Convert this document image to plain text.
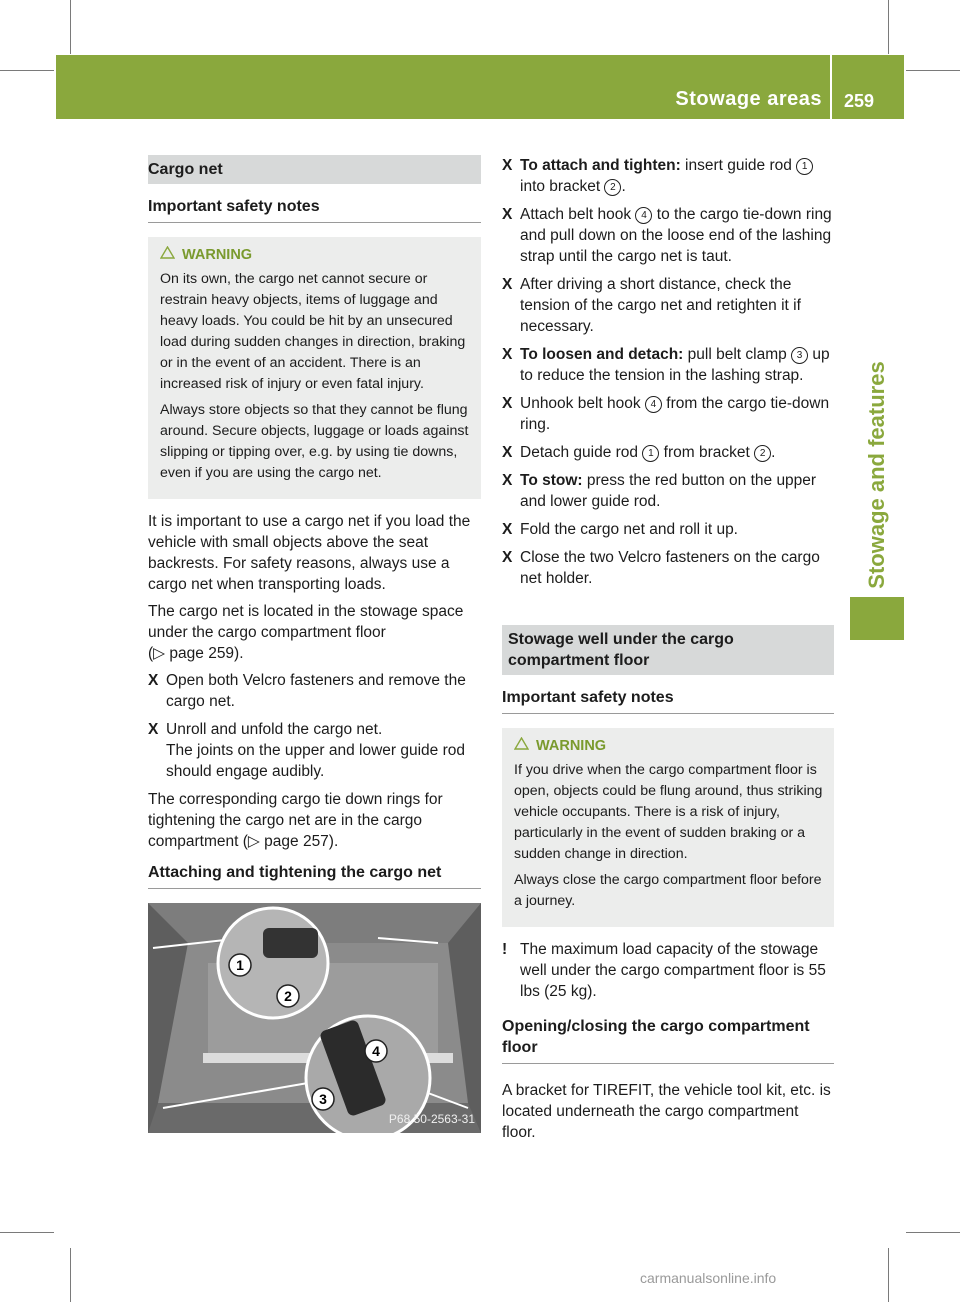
Stowage areas 259
Stowage and features
Cargo net
Important safety notes
WARNING

On its own, the cargo net cannot secure or restrain heavy objects, items of luggage and heavy loads. You could be hit by an unsecured load during sudden changes in direction, braking or in the event of an accident. There is an increased risk of injury or even fatal injury.

Always store objects so that they cannot be flung around. Secure objects, luggage or loads against slipping or tipping over, e.g. by using tie downs, even if you are using the cargo net.

It is important to use a cargo net if you load the vehicle with small objects above the seat backrests. For safety reasons, always use a cargo net when transporting loads.

The cargo net is located in the stowage space under the cargo compartment floor
(▷ page 259).

X Open both Velcro fasteners and remove the cargo net.
X Unroll and unfold the cargo net.
The joints on the upper and lower guide rod should engage audibly.

The corresponding cargo tie down rings for tightening the cargo net are in the cargo compartment (▷ page 257).

Attaching and tightening the cargo net
1
2
3
4
P68.50-2563-31
X To attach and tighten: insert guide rod 1 into bracket 2 .
X Attach belt hook 4 to the cargo tie-down ring and pull down on the loose end of the lashing strap until the cargo net is taut.
X After driving a short distance, check the tension of the cargo net and retighten it if necessary.
X To loosen and detach: pull belt clamp 3 up to reduce the tension in the lashing strap.
X Unhook belt hook 4 from the cargo tie-down ring.
X Detach guide rod 1 from bracket 2 .
X To stow: press the red button on the upper and lower guide rod.
X Fold the cargo net and roll it up.
X Close the two Velcro fasteners on the cargo net holder.
Stowage well under the cargo compartment floor
Important safety notes
WARNING

If you drive when the cargo compartment floor is open, objects could be flung around, thus striking vehicle occupants. There is a risk of injury, particularly in the event of sudden braking or a sudden change in direction.

Always close the cargo compartment floor before a journey.

! The maximum load capacity of the stowage well under the cargo compartment floor is 55 lbs (25 kg).
Opening/closing the cargo compartment floor

A bracket for TIREFIT, the vehicle tool kit, etc. is located underneath the cargo compartment floor.

carmanualsonline.info
